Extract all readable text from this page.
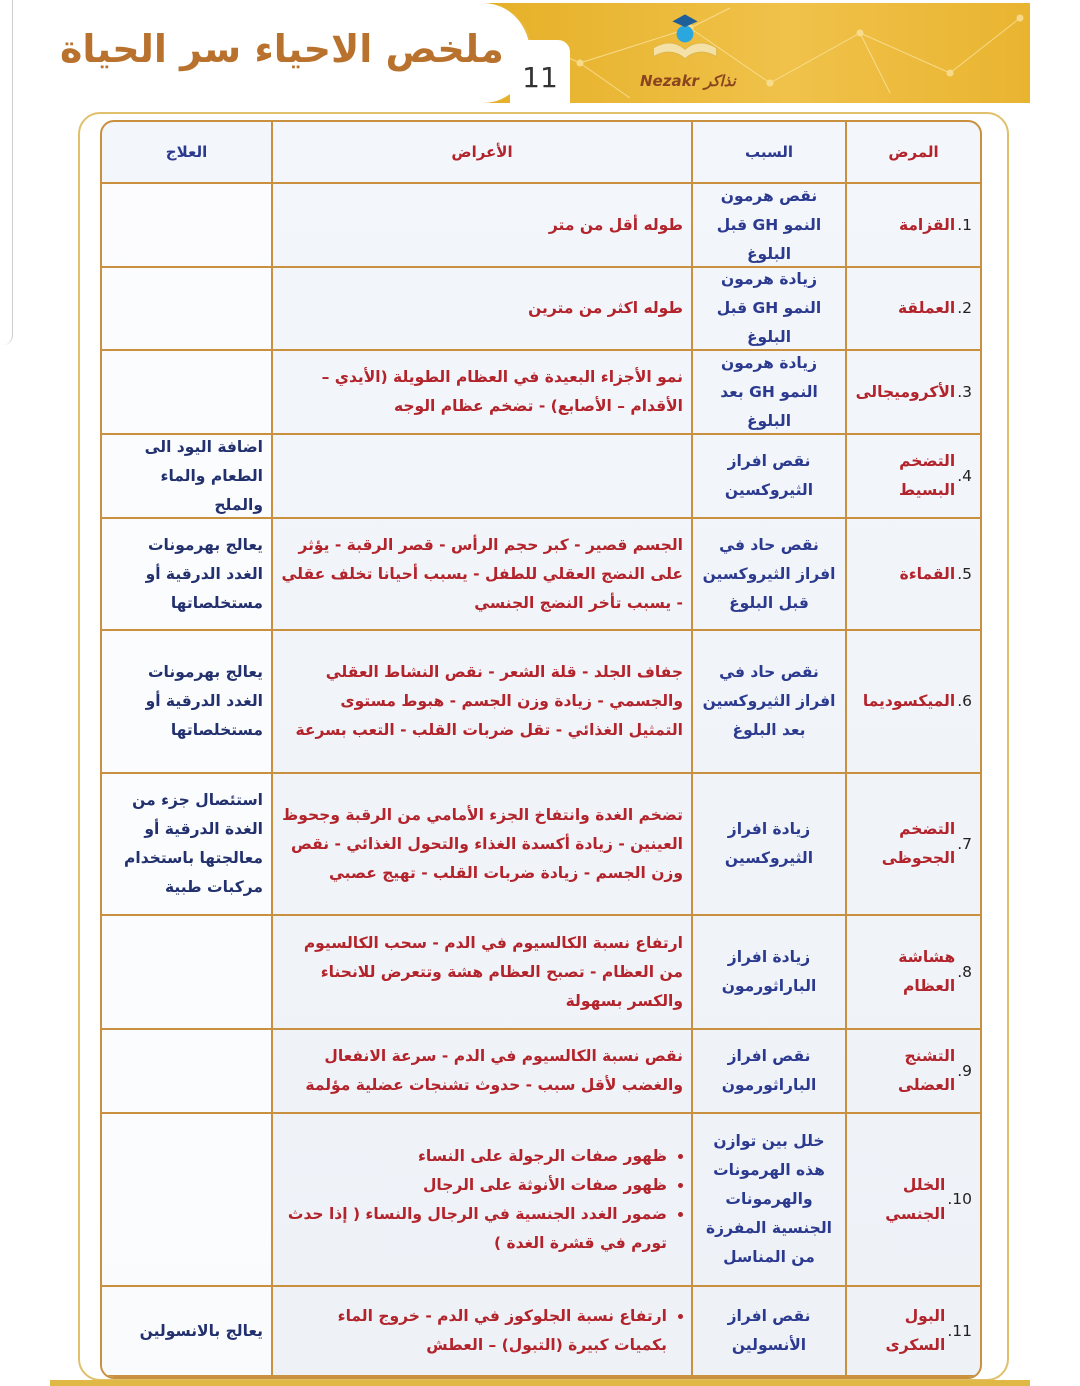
ملخص الاحياء سر الحياة
11
المرض
السبب
الأعراض
العلاج
1.
القزامة
نقص هرمون النمو GH قبل البلوغ
طوله أقل من متر
2.
العملقة
زيادة هرمون النمو GH قبل البلوغ
طوله اكثر من مترين
3.
الأكروميجالى
زيادة هرمون النمو GH بعد البلوغ
نمو الأجزاء البعيدة في العظام الطويلة (الأيدي – الأقدام – الأصابع) - تضخم عظام الوجه
4.
التضخم البسيط
نقص افراز الثيروكسين
اضافة اليود الى الطعام والماء والملح
5.
القماءة
نقص حاد في افراز الثيروكسين قبل البلوغ
الجسم قصير - كبر حجم الرأس - قصر الرقبة - يؤثر على النضج العقلي للطفل - يسبب أحيانا تخلف عقلي - يسبب تأخر النضج الجنسي
يعالج بهرمونات الغدد الدرقية أو مستخلصاتها
6.
الميكسوديما
نقص حاد في افراز الثيروكسين بعد البلوغ
جفاف الجلد - قلة الشعر - نقص النشاط العقلي والجسمي - زيادة وزن الجسم - هبوط مستوى التمثيل الغذائي - تقل ضربات القلب - التعب بسرعة
يعالج بهرمونات الغدد الدرقية أو مستخلصاتها
7.
التضخم الجحوظى
زيادة افراز الثيروكسين
تضخم الغدة وانتفاخ الجزء الأمامي من الرقبة وجحوظ العينين - زيادة أكسدة الغذاء والتحول الغذائي - نقص وزن الجسم - زيادة ضربات القلب - تهيج عصبي
استئصال جزء من الغدة الدرقية أو معالجتها باستخدام مركبات طبية
8.
هشاشة العظام
زيادة افراز الباراثورمون
ارتفاع نسبة الكالسيوم في الدم - سحب الكالسيوم من العظام - تصبح العظام هشة وتتعرض للانحناء والكسر بسهولة
9.
التشنج العضلى
نقص افراز الباراثورمون
نقص نسبة الكالسيوم في الدم - سرعة الانفعال والغضب لأقل سبب - حدوث تشنجات عضلية مؤلمة
10.
الخلل الجنسي
خلل بين توازن هذه الهرمونات والهرمونات الجنسية المفرزة من المناسل
• ظهور صفات الرجولة على النساء
• ظهور صفات الأنوثة على الرجال
• ضمور الغدد الجنسية في الرجال والنساء ( إذا حدث تورم في قشرة الغدة )
11.
البول السكرى
نقص افراز الأنسولين
• ارتفاع نسبة الجلوكوز في الدم - خروج الماء بكميات كبيرة (التبول) – العطش
يعالج بالانسولين
Nezakr نذاكر
